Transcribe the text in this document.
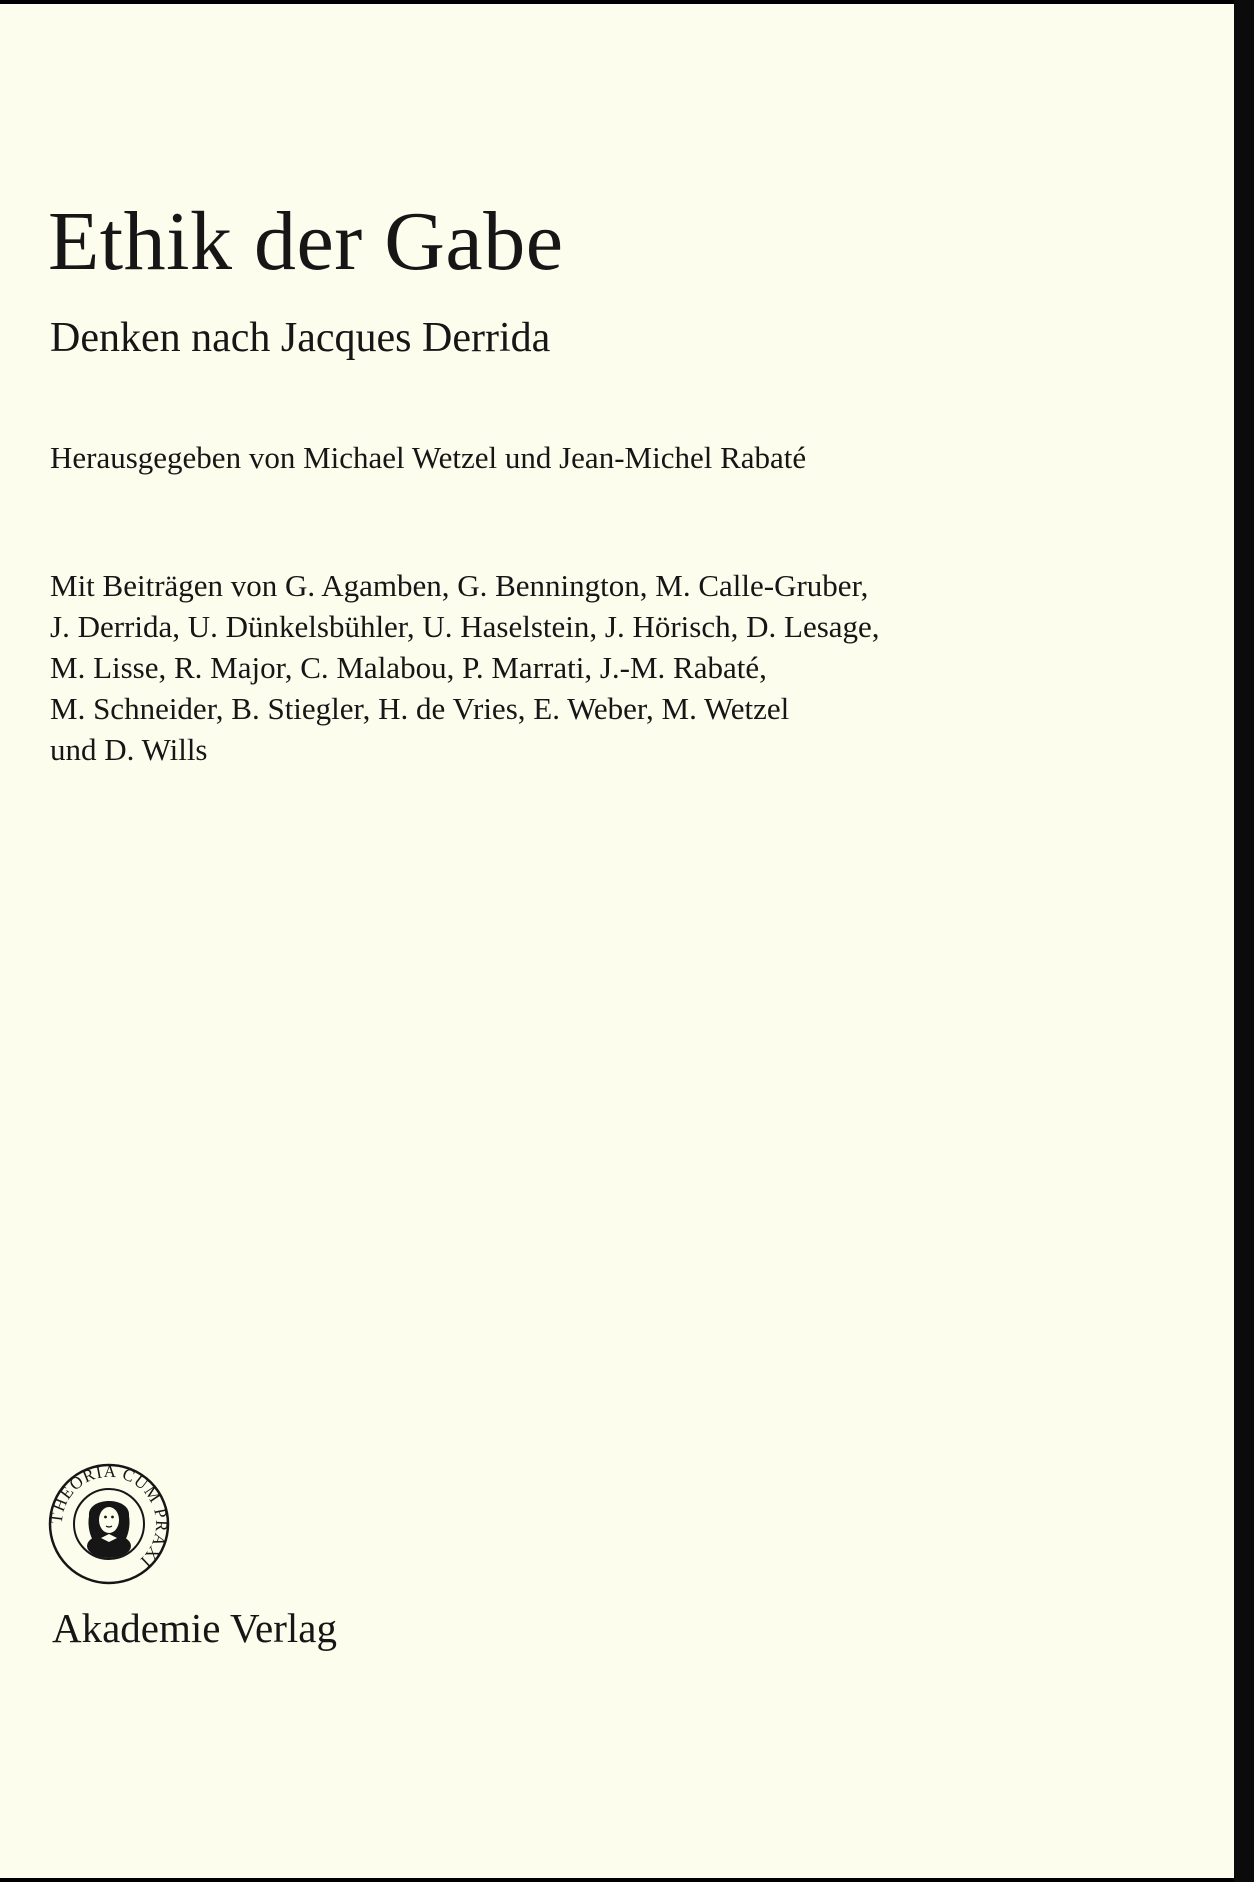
Ethik der Gabe
Denken nach Jacques Derrida
Herausgegeben von Michael Wetzel und Jean-Michel Rabaté
Mit Beiträgen von G. Agamben, G. Bennington, M. Calle-Gruber,
J. Derrida, U. Dünkelsbühler, U. Haselstein, J. Hörisch, D. Lesage,
M. Lisse, R. Major, C. Malabou, P. Marrati, J.-M. Rabaté,
M. Schneider, B. Stiegler, H. de Vries, E. Weber, M. Wetzel
und D. Wills
THEORIA CUM PRAXI
Akademie Verlag
